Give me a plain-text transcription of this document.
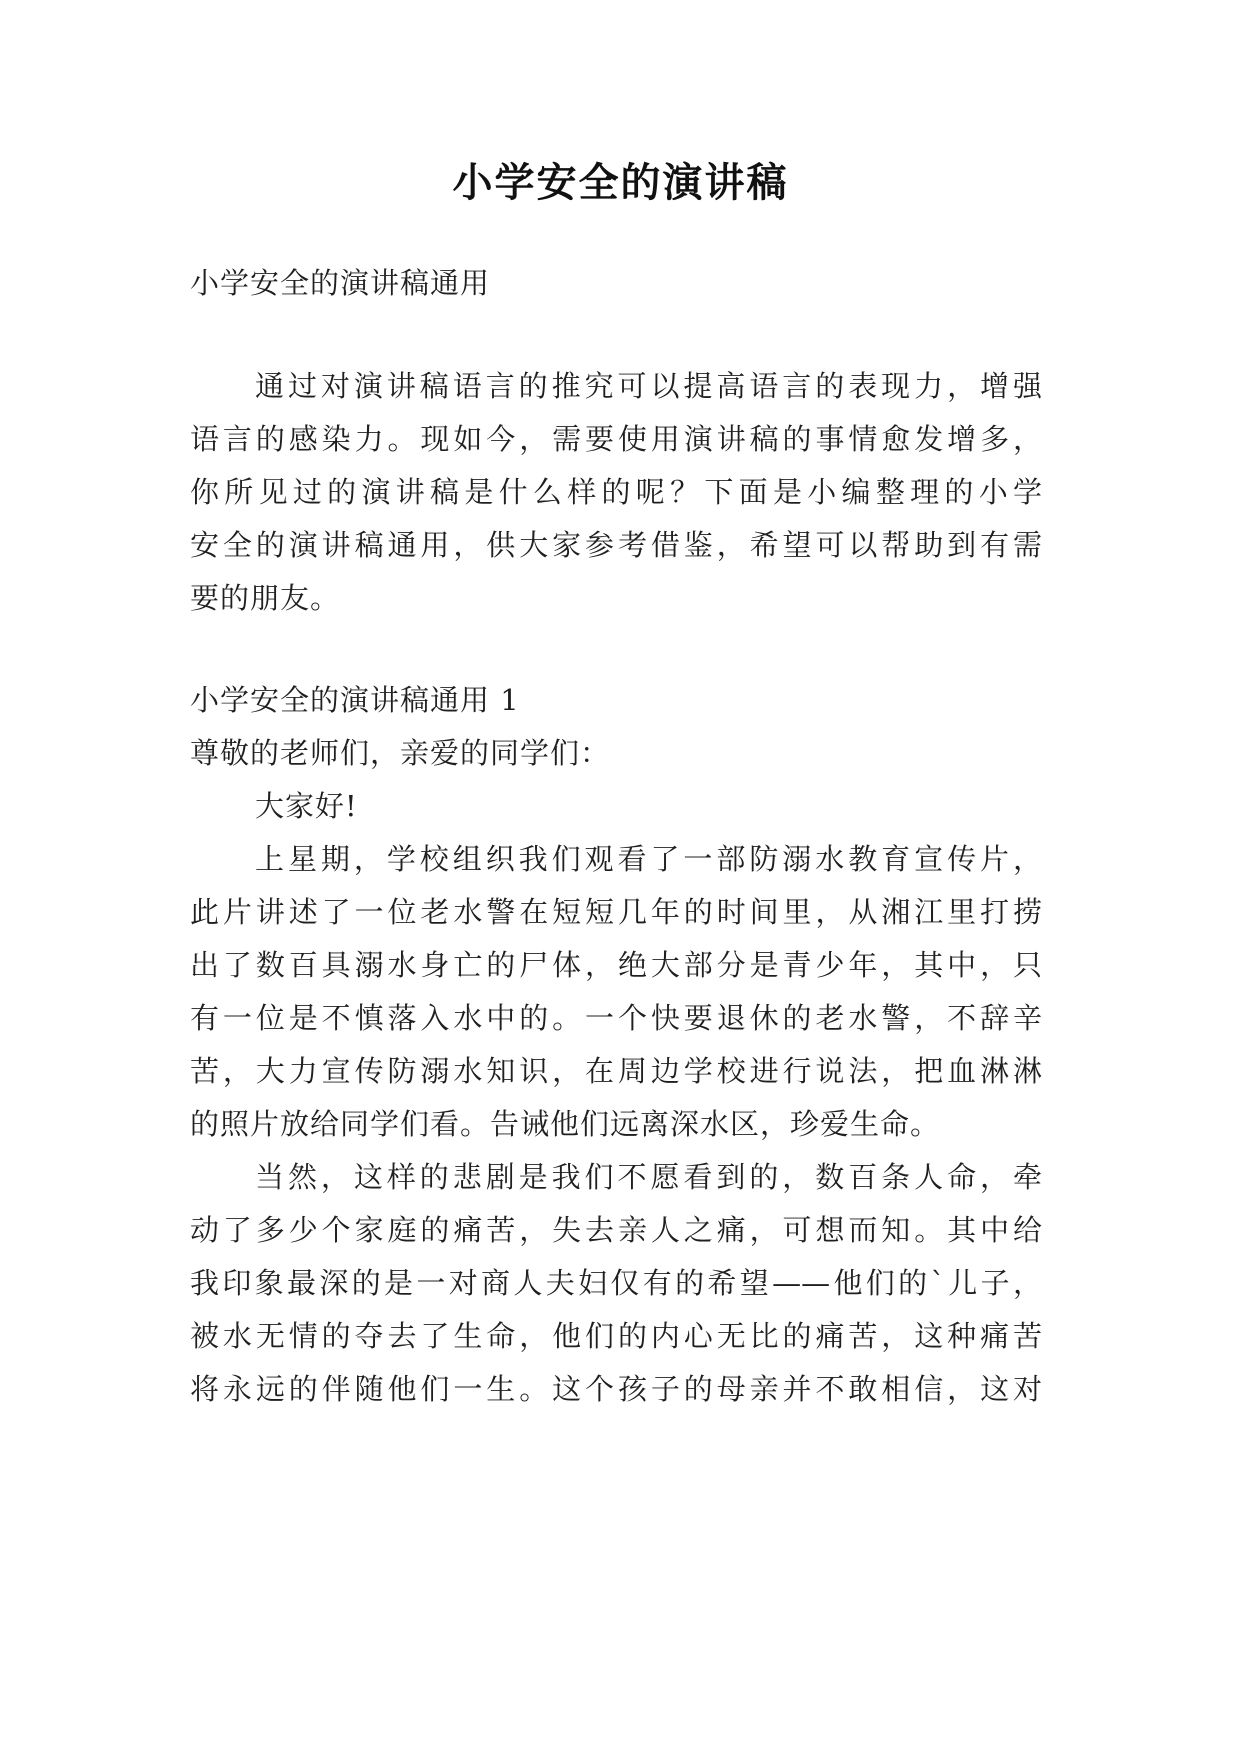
小学安全的演讲稿
小学安全的演讲稿通用
通过对演讲稿语言的推究可以提高语言的表现力，增强
语言的感染力。现如今，需要使用演讲稿的事情愈发增多，
你所见过的演讲稿是什么样的呢？下面是小编整理的小学
安全的演讲稿通用，供大家参考借鉴，希望可以帮助到有需
要的朋友。
小学安全的演讲稿通用 1
尊敬的老师们，亲爱的同学们：
大家好!
上星期，学校组织我们观看了一部防溺水教育宣传片，
此片讲述了一位老水警在短短几年的时间里，从湘江里打捞
出了数百具溺水身亡的尸体，绝大部分是青少年，其中，只
有一位是不慎落入水中的。一个快要退休的老水警，不辞辛
苦，大力宣传防溺水知识，在周边学校进行说法，把血淋淋
的照片放给同学们看。告诫他们远离深水区，珍爱生命。
当然，这样的悲剧是我们不愿看到的，数百条人命，牵
动了多少个家庭的痛苦，失去亲人之痛，可想而知。其中给
我印象最深的是一对商人夫妇仅有的希望——他们的`儿子，
被水无情的夺去了生命，他们的内心无比的痛苦，这种痛苦
将永远的伴随他们一生。这个孩子的母亲并不敢相信，这对
